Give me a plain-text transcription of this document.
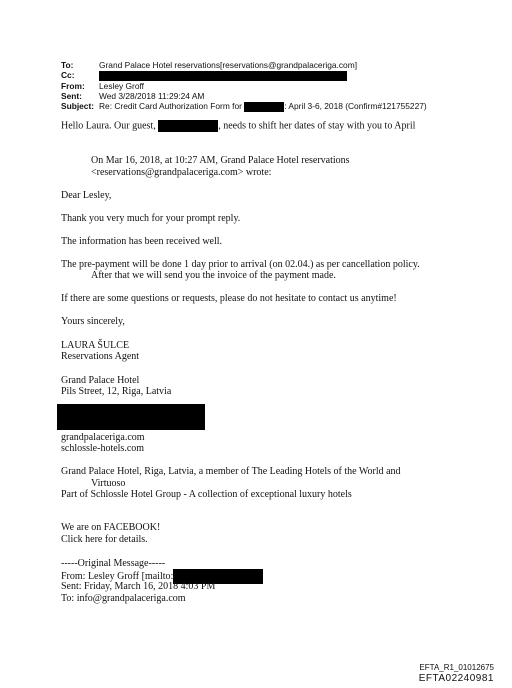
To:	Grand Palace Hotel reservations[reservations@grandpalaceriga.com]
Cc:
From: Lesley Groff
Sent: Wed 3/28/2018 11:29:24 AM
Subject: Re: Credit Card Authorization Form for	: April 3-6, 2018 (Confirm#121755227)
Hello Laura. Our guest,	, needs to shift her dates of stay with you to April
On Mar 16, 2018, at 10:27 AM, Grand Palace Hotel reservations
<reservations@grandpalaceriga.com> wrote:
Dear Lesley,
Thank you very much for your prompt reply.
The information has been received well.
The pre-payment will be done 1 day prior to arrival (on 02.04.) as per cancellation policy.
After that we will send you the invoice of the payment made.
If there are some questions or requests, please do not hesitate to contact us anytime!
Yours sincerely,
LAURA ŠULCE
Reservations Agent
Grand Palace Hotel
Pils Street, 12, Riga, Latvia
grandpalaceriga.com
schlossle-hotels.com
Grand Palace Hotel, Riga, Latvia, a member of The Leading Hotels of the World and
Virtuoso
Part of Schlossle Hotel Group - A collection of exceptional luxury hotels
We are on FACEBOOK!
Click here for details.
-----Original Message-----
From: Lesley Groff [mailto:
Sent: Friday, March 16, 2018 4:03 PM
To: info@grandpalaceriga.com
EFTA_R1_01012675
EFTA02240981
